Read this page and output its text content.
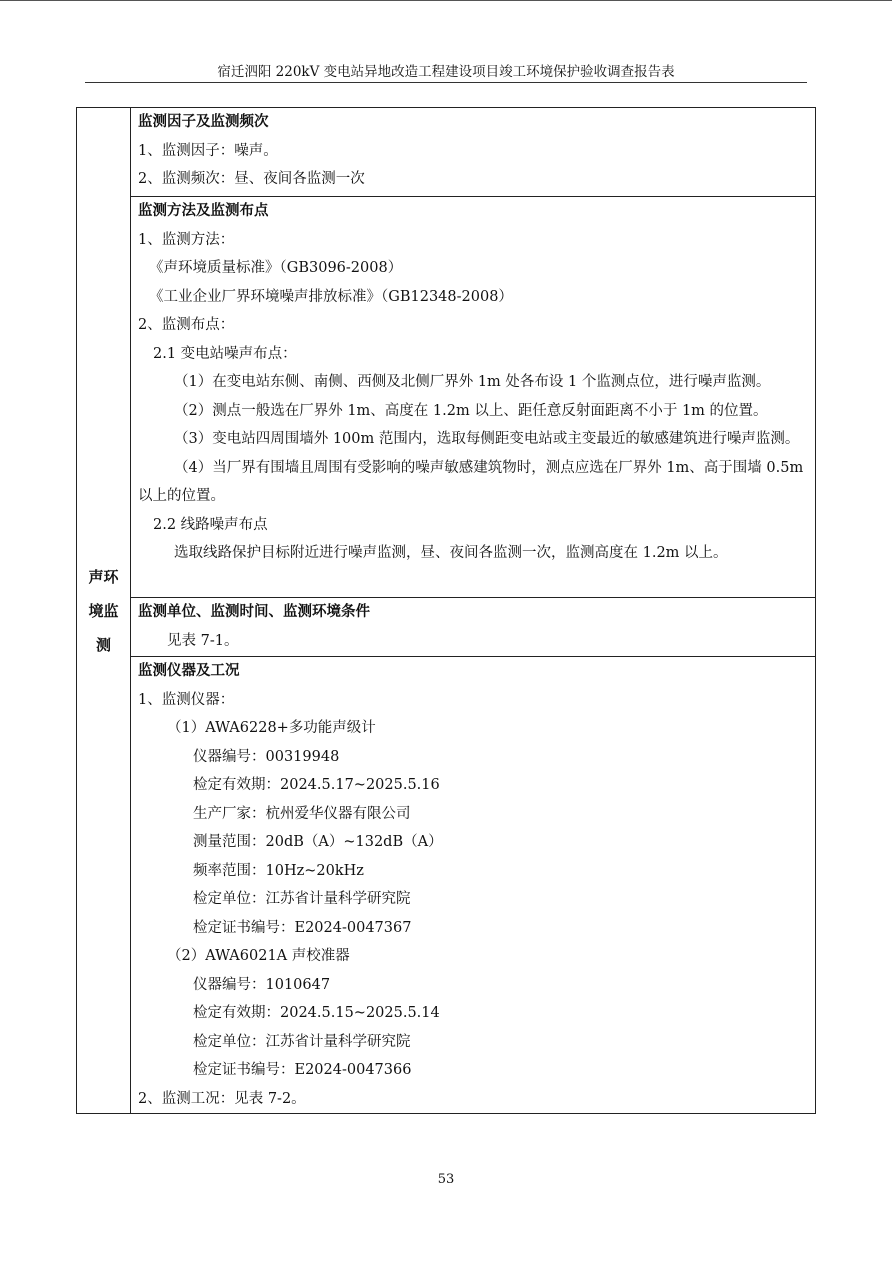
宿迁泗阳 220kV 变电站异地改造工程建设项目竣工环境保护验收调查报告表
声环
境监
测

监测因子及监测频次
1、监测因子：噪声。
2、监测频次：昼、夜间各监测一次

监测方法及监测布点
1、监测方法：
《声环境质量标准》（GB3096-2008）
《工业企业厂界环境噪声排放标准》（GB12348-2008）
2、监测布点：
2.1 变电站噪声布点：
（1）在变电站东侧、南侧、西侧及北侧厂界外 1m 处各布设 1 个监测点位，进行噪声监测。
（2）测点一般选在厂界外 1m、高度在 1.2m 以上、距任意反射面距离不小于 1m 的位置。
（3）变电站四周围墙外 100m 范围内，选取每侧距变电站或主变最近的敏感建筑进行噪声监测。
（4）当厂界有围墙且周围有受影响的噪声敏感建筑物时，测点应选在厂界外 1m、高于围墙 0.5m 以上的位置。
2.2 线路噪声布点
选取线路保护目标附近进行噪声监测，昼、夜间各监测一次，监测高度在 1.2m 以上。

监测单位、监测时间、监测环境条件
见表 7-1。

监测仪器及工况
1、监测仪器：
（1）AWA6228+多功能声级计
仪器编号：00319948
检定有效期：2024.5.17~2025.5.16
生产厂家：杭州爱华仪器有限公司
测量范围：20dB（A）~132dB（A）
频率范围：10Hz~20kHz
检定单位：江苏省计量科学研究院
检定证书编号：E2024-0047367
（2）AWA6021A 声校准器
仪器编号：1010647
检定有效期：2024.5.15~2025.5.14
检定单位：江苏省计量科学研究院
检定证书编号：E2024-0047366
2、监测工况：见表 7-2。
53
